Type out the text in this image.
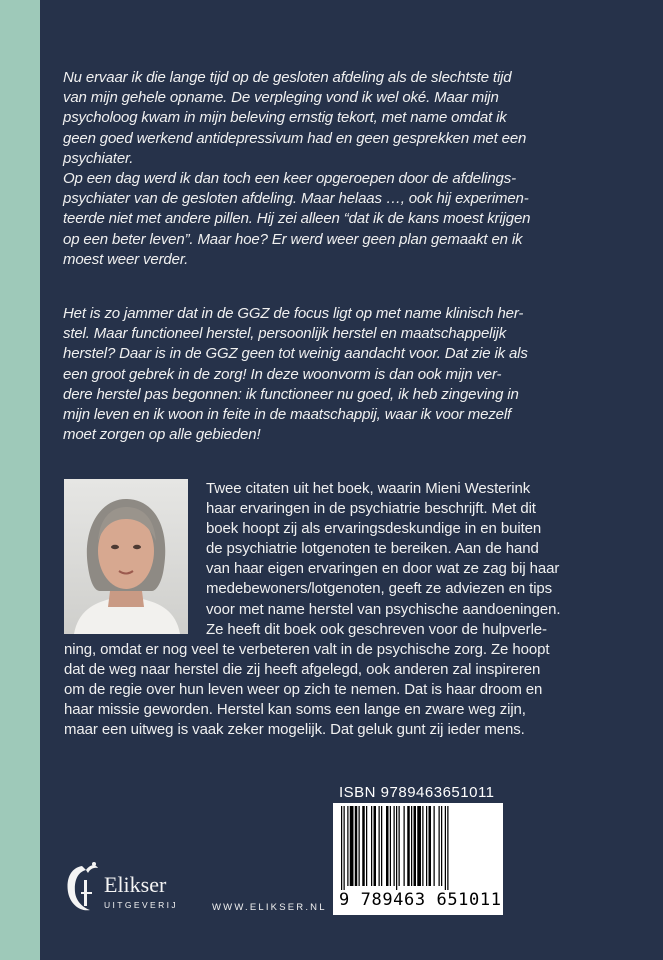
Nu ervaar ik die lange tijd op de gesloten afdeling als de slechtste tijd

van mijn gehele opname. De verpleging vond ik wel oké. Maar mijn

psycholoog kwam in mijn beleving ernstig tekort, met name omdat ik

geen goed werkend antidepressivum had en geen gesprekken met een

psychiater.

Op een dag werd ik dan toch een keer opgeroepen door de afdelings-

psychiater van de gesloten afdeling. Maar helaas …, ook hij experimen-

teerde niet met andere pillen. Hij zei alleen “dat ik de kans moest krijgen

op een beter leven”. Maar hoe? Er werd weer geen plan gemaakt en ik

moest weer verder.

Het is zo jammer dat in de GGZ de focus ligt op met name klinisch her-

stel. Maar functioneel herstel, persoonlijk herstel en maatschappelijk

herstel? Daar is in de GGZ geen tot weinig aandacht voor. Dat zie ik als

een groot gebrek in de zorg! In deze woonvorm is dan ook mijn ver-

dere herstel pas begonnen: ik functioneer nu goed, ik heb zingeving in

mijn leven en ik woon in feite in de maatschappij, waar ik voor mezelf

moet zorgen op alle gebieden!

Twee citaten uit het boek, waarin Mieni Westerink
haar ervaringen in de psychiatrie beschrijft. Met dit
boek hoopt zij als ervaringsdeskundige in en buiten
de psychiatrie lotgenoten te bereiken. Aan de hand
van haar eigen ervaringen en door wat ze zag bij haar
medebewoners/lotgenoten, geeft ze adviezen en tips
voor met name herstel van psychische aandoeningen.
Ze heeft dit boek ook geschreven voor de hulpverle-
ning, omdat er nog veel te verbeteren valt in de psychische zorg. Ze hoopt
dat de weg naar herstel die zij heeft afgelegd, ook anderen zal inspireren
om de regie over hun leven weer op zich te nemen. Dat is haar droom en
haar missie geworden. Herstel kan soms een lange en zware weg zijn,
maar een uitweg is vaak zeker mogelijk. Dat geluk gunt zij ieder mens.
ISBN 9789463651011
9 789463 651011
Elikser
UITGEVERIJ	WWW.ELIKSER.NL
